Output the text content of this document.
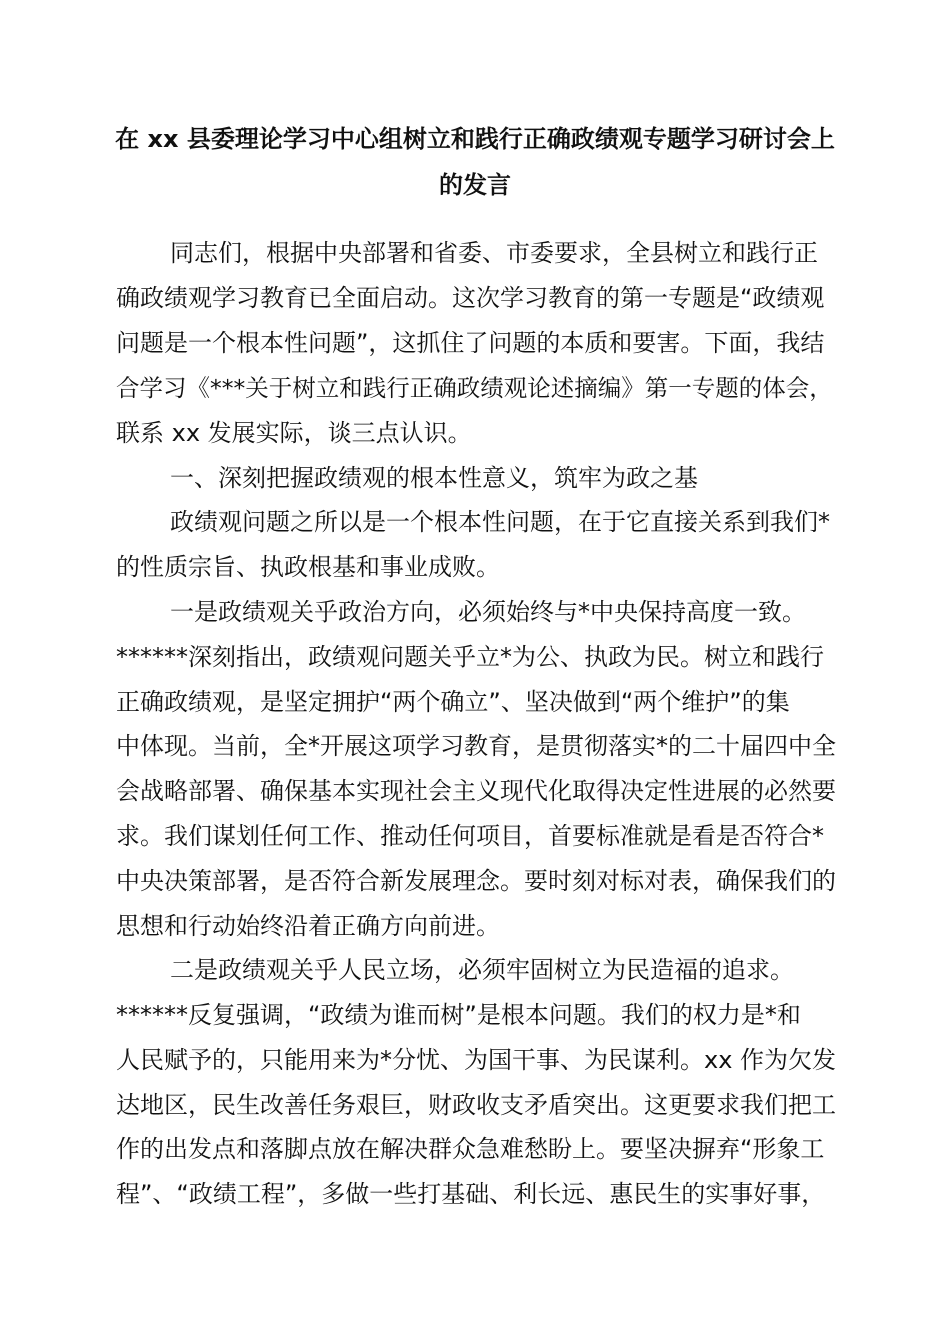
在 xx 县委理论学习中心组树立和践行正确政绩观专题学习研讨会上
的发言
同志们，根据中央部署和省委、市委要求，全县树立和践行正
确政绩观学习教育已全面启动。这次学习教育的第一专题是“政绩观
问题是一个根本性问题”，这抓住了问题的本质和要害。下面，我结
合学习《***关于树立和践行正确政绩观论述摘编》第一专题的体会，
联系 xx 发展实际，谈三点认识。
一、深刻把握政绩观的根本性意义，筑牢为政之基
政绩观问题之所以是一个根本性问题，在于它直接关系到我们*
的性质宗旨、执政根基和事业成败。
一是政绩观关乎政治方向，必须始终与*中央保持高度一致。
******深刻指出，政绩观问题关乎立*为公、执政为民。树立和践行
正确政绩观，是坚定拥护“两个确立”、坚决做到“两个维护”的集
中体现。当前，全*开展这项学习教育，是贯彻落实*的二十届四中全
会战略部署、确保基本实现社会主义现代化取得决定性进展的必然要
求。我们谋划任何工作、推动任何项目，首要标准就是看是否符合*
中央决策部署，是否符合新发展理念。要时刻对标对表，确保我们的
思想和行动始终沿着正确方向前进。
二是政绩观关乎人民立场，必须牢固树立为民造福的追求。
******反复强调，“政绩为谁而树”是根本问题。我们的权力是*和
人民赋予的，只能用来为*分忧、为国干事、为民谋利。xx 作为欠发
达地区，民生改善任务艰巨，财政收支矛盾突出。这更要求我们把工
作的出发点和落脚点放在解决群众急难愁盼上。要坚决摒弃“形象工
程”、“政绩工程”，多做一些打基础、利长远、惠民生的实事好事，
